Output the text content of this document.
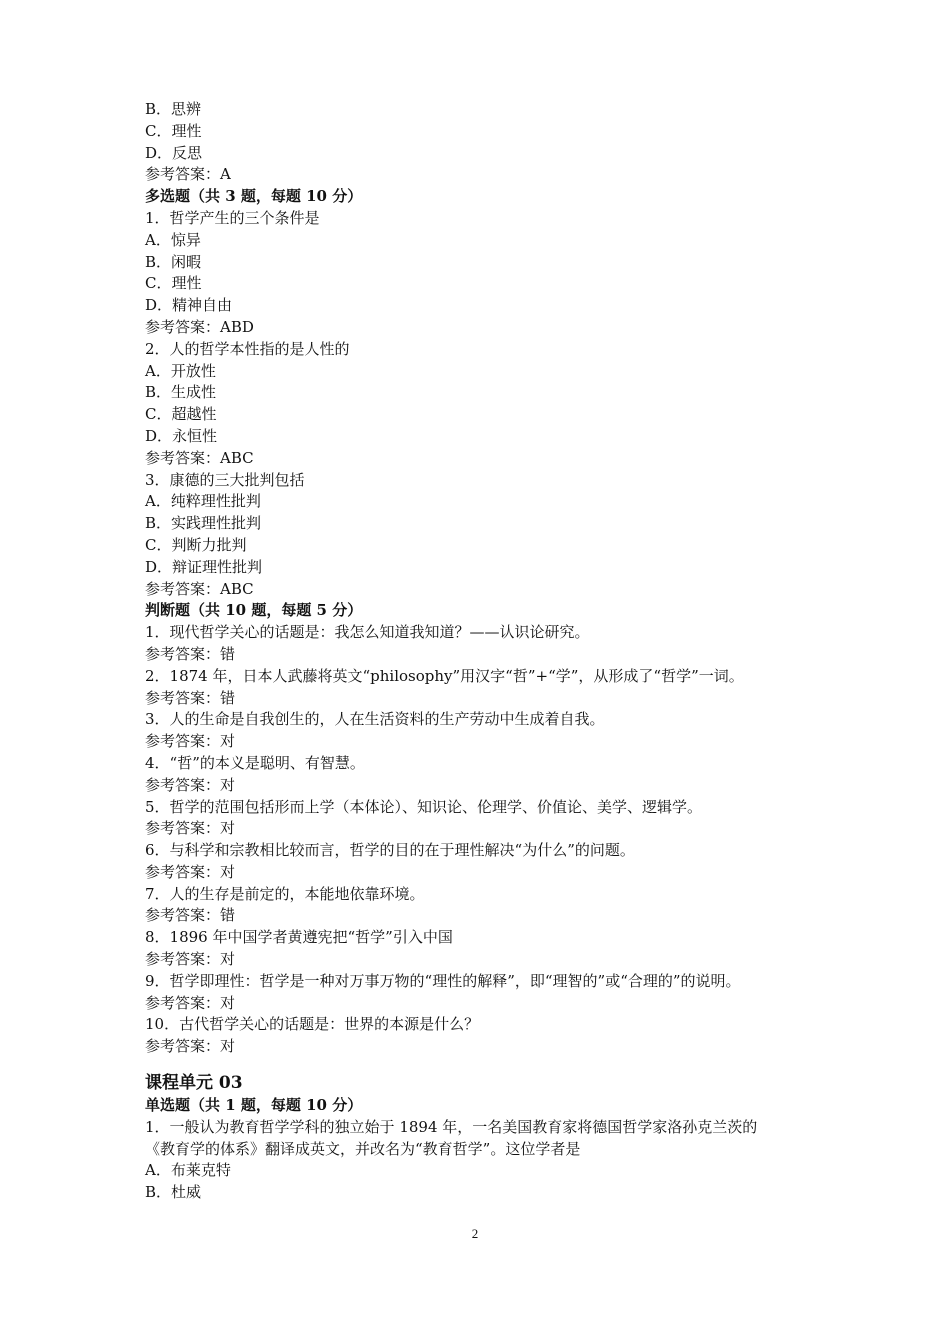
B．思辨
C．理性
D．反思
参考答案：A
多选题（共 3 题，每题 10 分）
1．哲学产生的三个条件是
A．惊异
B．闲暇
C．理性
D．精神自由
参考答案：ABD
2．人的哲学本性指的是人性的
A．开放性
B．生成性
C．超越性
D．永恒性
参考答案：ABC
3．康德的三大批判包括
A．纯粹理性批判
B．实践理性批判
C．判断力批判
D．辩证理性批判
参考答案：ABC
判断题（共 10 题，每题 5 分）
1．现代哲学关心的话题是：我怎么知道我知道？——认识论研究。
参考答案：错
2．1874 年，日本人武藤将英文“philosophy”用汉字“哲”+“学”，从形成了“哲学”一词。
参考答案：错
3．人的生命是自我创生的，人在生活资料的生产劳动中生成着自我。
参考答案：对
4．“哲”的本义是聪明、有智慧。
参考答案：对
5．哲学的范围包括形而上学（本体论）、知识论、伦理学、价值论、美学、逻辑学。
参考答案：对
6．与科学和宗教相比较而言，哲学的目的在于理性解决“为什么”的问题。
参考答案：对
7．人的生存是前定的，本能地依靠环境。
参考答案：错
8．1896 年中国学者黄遵宪把“哲学”引入中国
参考答案：对
9．哲学即理性：哲学是一种对万事万物的“理性的解释”，即“理智的”或“合理的”的说明。
参考答案：对
10．古代哲学关心的话题是：世界的本源是什么？
参考答案：对
课程单元 03
单选题（共 1 题，每题 10 分）
1．一般认为教育哲学学科的独立始于 1894 年，一名美国教育家将德国哲学家洛孙克兰茨的
《教育学的体系》翻译成英文，并改名为“教育哲学”。这位学者是
A．布莱克特
B．杜威
2
